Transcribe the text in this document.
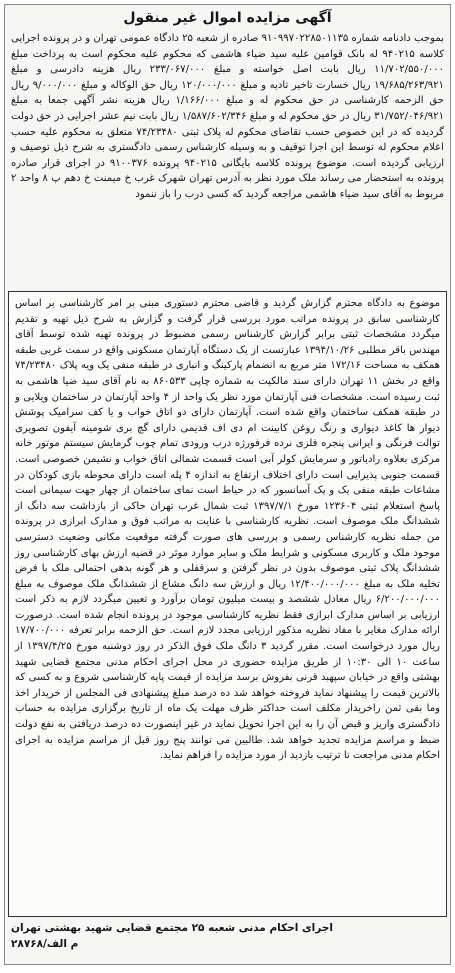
آگهی مزایده اموال غیر منقول
بموجب دادنامه شماره ۹۱۰۹۹۷۰۲۲۸۵۰۱۱۳۵ صادره از شعبه ۲۵ دادگاه عمومی تهران و در پرونده اجرایی کلاسه ۹۴۰۲۱۵ له بانک قوامین علیه سید ضیاء هاشمی که محکوم علیه محکوم است به پرداخت مبلغ ۱۱/۷۰۲/۵۵۰/۰۰۰ ریال بابت اصل خواسته و مبلغ ۲۳۳/۰۶۷/۰۰۰ ریال هزینه دادرسی و مبلغ ۱۹/۶۸۵/۲۶۳/۹۲۱ ریال خسارت تاخیر تادیه و مبلغ ۱۲۰/۰۰۰/۰۰۰ ریال حق الوکاله و مبلغ ۹/۰۰۰/۰۰۰ ریال حق الزحمه کارشناسی در حق محکوم له و مبلغ ۱/۱۶۶/۰۰۰ ریال هزینه نشر آگهی جمعا به مبلغ ۳۱/۷۵۲/۰۴۶/۹۲۱ ریال در حق محکوم له و مبلغ ۱/۵۸۷/۶۰۲/۳۴۶ ریال بابت نیم عشر اجرایی در حق دولت گردیده که در این خصوص حسب تقاضای محکوم له پلاک ثبتی ۷۴/۲۳۴۸۰ متعلق به محکوم علیه حسب اعلام محکوم له توسط این اجرا توقیف و به وسیله کارشناس رسمی دادگستری به شرح ذیل توصیف و ارزیابی گردیده است. موضوع پرونده کلاسه بایگانی ۹۴۰۲۱۵ پرونده ۹۱۰۰۳۷۶ در اجرای قرار صادره پرونده به استحضار می رساند ملک مورد نظر به آدرس تهران شهرک غرب خ میمنت خ دهم پ ۸ واحد ۲ مربوط به آقای سید ضیاء هاشمی مراجعه گردید که کسی درب را باز ننمود
موضوع به دادگاه محترم گزارش گردید و قاضی محترم دستوری مبنی بر امر کارشناسی بر اساس کارشناسی سابق در پرونده مراتب مورد بررسی قرار گرفت و گزارش به شرح ذیل تهیه و تقدیم میگردد مشخصات ثبتی برابر گزارش کارشناس رسمی مضبوط در پرونده تهیه شده توسط آقای مهندس باقر مطلبی ۱۳۹۴/۱۰/۲۶ عبارتست از یک دستگاه آپارتمان مسکونی واقع در سمت غربی طبقه همکف به مساحت ۱۷۲/۱۶ متر مربع به انضمام پارکینگ و انباری در طبقه منفی یک ویه پلاک ۷۴/۲۳۴۸۰ واقع در بخش ۱۱ تهران دارای سند مالکیت به شماره چاپی ۸۶۰۵۳۳ به نام آقای سید ضیا هاشمی به ثبت رسیده است. مشخصات فنی آپارتمان مورد نظر یک واحد از ۴ واحد آپارتمان در ساختمان ویلایی و در طبقه همکف ساختمان واقع شده است. آپارتمان دارای دو اتاق خواب و یا کف سرامیک پوشش دیوار ها کاغذ دیواری و رنگ روغن کابینت ام دی اف قدیمی دارای گچ بری شومینه آیفون تصویری توالت فرنگی و ایرانی پنجره فلزی نرده فرفورژه درب ورودی تمام چوب گرمایش سیستم موتور خانه مرکزی بعلاوه رادیاتور و سرمایش کولر آبی است قسمت شمالی اتاق خواب و نشیمن خصوصی است. قسمت جنوبی پذیرایی است دارای اختلاف ارتفاع به اندازه ۴ پله است دارای محوطه بازی کودکان در مشاعات طبقه منفی یک و یک آسانسور که در حیاط است نمای ساختمان از چهار جهت سیمانی است پاسخ استعلام ثبتی ۱۲۳۶۰۴ مورخ ۱۳۹۷/۷/۱ ثبت شمال غرب تهران حاکی از بازداشت سه دانگ از ششدانگ ملک موصوف است. نظریه کارشناسی با عنایت به مراتب فوق و مدارک ابرازی در پرونده من جمله نظریه کارشناس رسمی و بررسی های صورت گرفته موقعیت مکانی وضعیت دسترسی موجود ملک و کاربری مسکونی و شرایط ملک و سایر موارد موثر در قضیه ارزش بهای کارشناسی روز ششدانگ پلاک ثبتی موصوف بدون در نظر گرفتن و سرقفلی و هر گونه بدهی احتمالی ملک با فرض تخلیه ملک به مبلغ ۱۲/۴۰۰/۰۰۰/۰۰۰ ریال و ارزش سه دانگ مشاع از ششدانگ ملک موصوف به مبلغ ۶/۲۰۰/۰۰۰/۰۰۰ ریال معادل ششصد و بیست میلیون تومان برآورد و تعیین میگردد لازم به ذکر است ارزیابی بر اساس مدارک ابرازی فقط نظریه کارشناسی موجود در پرونده انجام شده است. درصورت ارائه مدارک مغایر با مفاد نظریه مذکور ارزیابی مجدد لازم است. حق الزحمه برابر تعرفه ۱۷/۷۰۰/۰۰۰ ریال مورد درخواست است. مقرر گردید ۳ دانگ ملک فوق الذکر در روز دوشنبه مورخ ۱۳۹۷/۴/۲۵ از ساعت ۱۰ الی ۱۰:۳۰ از طریق مزایده حضوری در محل اجرای احکام مدنی مجتمع قضایی شهید بهشتی واقع در خیابان سپهبد قرنی بفروش برسد مزایده از قیمت پایه کارشناسی شروع و به کسی که بالاترین قیمت را پیشنهاد نماید فروخته خواهد شد ده درصد مبلغ پیشنهادی فی المجلس از خریدار اخذ وما بقی ثمن راخریدار مکلف است حداکثر ظرف مهلت یک ماه از تاریخ برگزاری مزایده به حساب دادگستری واریز و قبض آن را به این اجرا تحویل نماید در غیر اینصورت ده درصد دریافتی به نفع دولت ضبط و مراسم مزایده تجدید خواهد شد. طالبین می توانند پنج روز قبل از مراسم مزایده به اجرای احکام مدنی مراجعت تا ترتیب بازدید از مورد مزایده را فراهم نماید.
اجرای احکام مدنی شعبه ۲۵ مجتمع قضایی شهید بهشتی تهران
م الف/۲۸۷۶۸
